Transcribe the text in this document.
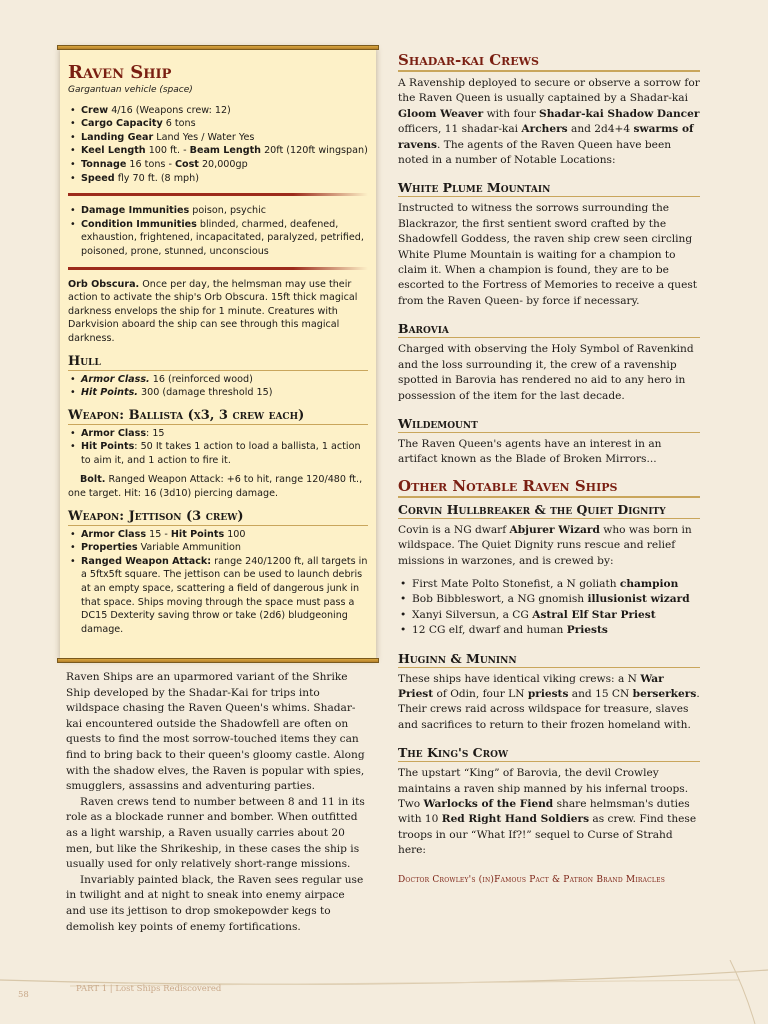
Raven Ship
Gargantuan vehicle (space)
• Crew 4/16 (Weapons crew: 12)
• Cargo Capacity 6 tons
• Landing Gear Land Yes / Water Yes
• Keel Length 100 ft. - Beam Length 20ft (120ft wingspan)
• Tonnage 16 tons - Cost 20,000gp
• Speed fly 70 ft. (8 mph)
• Damage Immunities poison, psychic
• Condition Immunities blinded, charmed, deafened, exhaustion, frightened, incapacitated, paralyzed, petrified, poisoned, prone, stunned, unconscious
Orb Obscura. Once per day, the helmsman may use their action to activate the ship's Orb Obscura. 15ft thick magical darkness envelops the ship for 1 minute. Creatures with Darkvision aboard the ship can see through this magical darkness.
Hull
• Armor Class. 16 (reinforced wood)
• Hit Points. 300 (damage threshold 15)
Weapon: Ballista (x3, 3 crew each)
• Armor Class: 15
• Hit Points: 50 It takes 1 action to load a ballista, 1 action to aim it, and 1 action to fire it.
Bolt. Ranged Weapon Attack: +6 to hit, range 120/480 ft., one target. Hit: 16 (3d10) piercing damage.
Weapon: Jettison (3 crew)
• Armor Class 15 - Hit Points 100
• Properties Variable Ammunition
• Ranged Weapon Attack: range 240/1200 ft, all targets in a 5ftx5ft square. The jettison can be used to launch debris at an empty space, scattering a field of dangerous junk in that space. Ships moving through the space must pass a DC15 Dexterity saving throw or take (2d6) bludgeoning damage.

Raven Ships are an uparmored variant of the Shrike Ship developed by the Shadar-Kai for trips into wildspace chasing the Raven Queen's whims. Shadar-kai encountered outside the Shadowfell are often on quests to find the most sorrow-touched items they can find to bring back to their queen's gloomy castle. Along with the shadow elves, the Raven is popular with spies, smugglers, assassins and adventuring parties.

Raven crews tend to number between 8 and 11 in its role as a blockade runner and bomber. When outfitted as a light warship, a Raven usually carries about 20 men, but like the Shrikeship, in these cases the ship is usually used for only relatively short-range missions.

Invariably painted black, the Raven sees regular use in twilight and at night to sneak into enemy airpace and use its jettison to drop smokepowder kegs to demolish key points of enemy fortifications.

Shadar-kai Crews

A Ravenship deployed to secure or observe a sorrow for the Raven Queen is usually captained by a Shadar-kai Gloom Weaver with four Shadar-kai Shadow Dancer officers, 11 shadar-kai Archers and 2d4+4 swarms of ravens. The agents of the Raven Queen have been noted in a number of Notable Locations:

White Plume Mountain

Instructed to witness the sorrows surrounding the Blackrazor, the first sentient sword crafted by the Shadowfell Goddess, the raven ship crew seen circling White Plume Mountain is waiting for a champion to claim it. When a champion is found, they are to be escorted to the Fortress of Memories to receive a quest from the Raven Queen- by force if necessary.

Barovia

Charged with observing the Holy Symbol of Ravenkind and the loss surrounding it, the crew of a ravenship spotted in Barovia has rendered no aid to any hero in possession of the item for the last decade.

Wildemount

The Raven Queen's agents have an interest in an artifact known as the Blade of Broken Mirrors...

Other Notable Raven Ships
Corvin Hullbreaker & the Quiet Dignity

Covin is a NG dwarf Abjurer Wizard who was born in wildspace. The Quiet Dignity runs rescue and relief missions in warzones, and is crewed by:

• First Mate Polto Stonefist, a N goliath champion
• Bob Bibbleswort, a NG gnomish illusionist wizard
• Xanyi Silversun, a CG Astral Elf Star Priest
• 12 CG elf, dwarf and human Priests
Huginn & Muninn

These ships have identical viking crews: a N War Priest of Odin, four LN priests and 15 CN berserkers. Their crews raid across wildspace for treasure, slaves and sacrifices to return to their frozen homeland with.

The King's Crow

The upstart “King” of Barovia, the devil Crowley maintains a raven ship manned by his infernal troops. Two Warlocks of the Fiend share helmsman's duties with 10 Red Right Hand Soldiers as crew. Find these troops in our “What If?!” sequel to Curse of Strahd here:

Doctor Crowley's (in)Famous Pact & Patron Brand Miracles
58
PART 1 | Lost Ships Rediscovered
